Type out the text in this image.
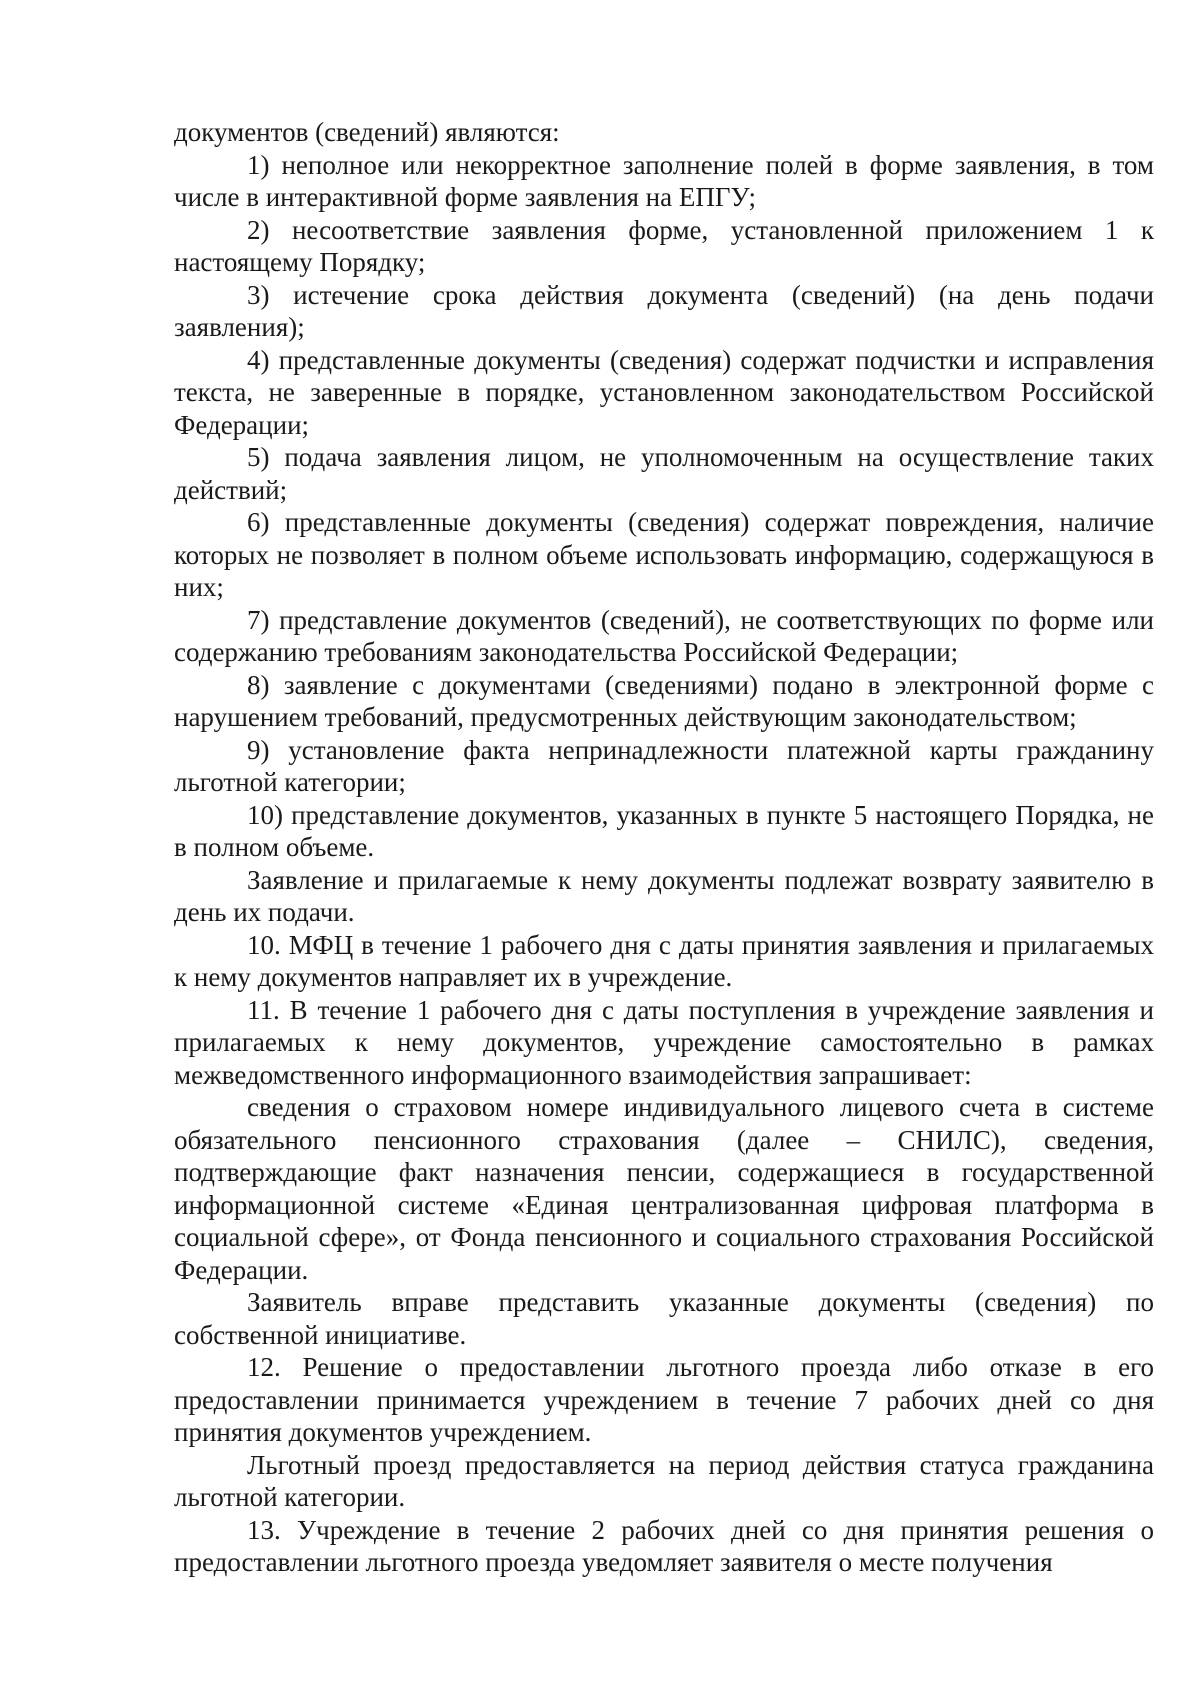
документов (сведений) являются:

1) неполное или некорректное заполнение полей в форме заявления, в том числе в интерактивной форме заявления на ЕПГУ;

2) несоответствие заявления форме, установленной приложением 1 к настоящему Порядку;

3) истечение срока действия документа (сведений) (на день подачи заявления);

4) представленные документы (сведения) содержат подчистки и исправления текста, не заверенные в порядке, установленном законодательством Российской Федерации;

5) подача заявления лицом, не уполномоченным на осуществление таких действий;

6) представленные документы (сведения) содержат повреждения, наличие которых не позволяет в полном объеме использовать информацию, содержащуюся в них;

7) представление документов (сведений), не соответствующих по форме или содержанию требованиям законодательства Российской Федерации;

8) заявление с документами (сведениями) подано в электронной форме с нарушением требований, предусмотренных действующим законодательством;

9) установление факта непринадлежности платежной карты гражданину льготной категории;

10) представление документов, указанных в пункте 5 настоящего Порядка, не в полном объеме.

Заявление и прилагаемые к нему документы подлежат возврату заявителю в день их подачи.

10. МФЦ в течение 1 рабочего дня с даты принятия заявления и прилагаемых к нему документов направляет их в учреждение.

11. В течение 1 рабочего дня с даты поступления в учреждение заявления и прилагаемых к нему документов, учреждение самостоятельно в рамках межведомственного информационного взаимодействия запрашивает:

сведения о страховом номере индивидуального лицевого счета в системе обязательного пенсионного страхования (далее – СНИЛС), сведения, подтверждающие факт назначения пенсии, содержащиеся в государственной информационной системе «Единая централизованная цифровая платформа в социальной сфере», от Фонда пенсионного и социального страхования Российской Федерации.

Заявитель вправе представить указанные документы (сведения) по собственной инициативе.

12. Решение о предоставлении льготного проезда либо отказе в его предоставлении принимается учреждением в течение 7 рабочих дней со дня принятия документов учреждением.

Льготный проезд предоставляется на период действия статуса гражданина льготной категории.

13. Учреждение в течение 2 рабочих дней со дня принятия решения о предоставлении льготного проезда уведомляет заявителя о месте получения
